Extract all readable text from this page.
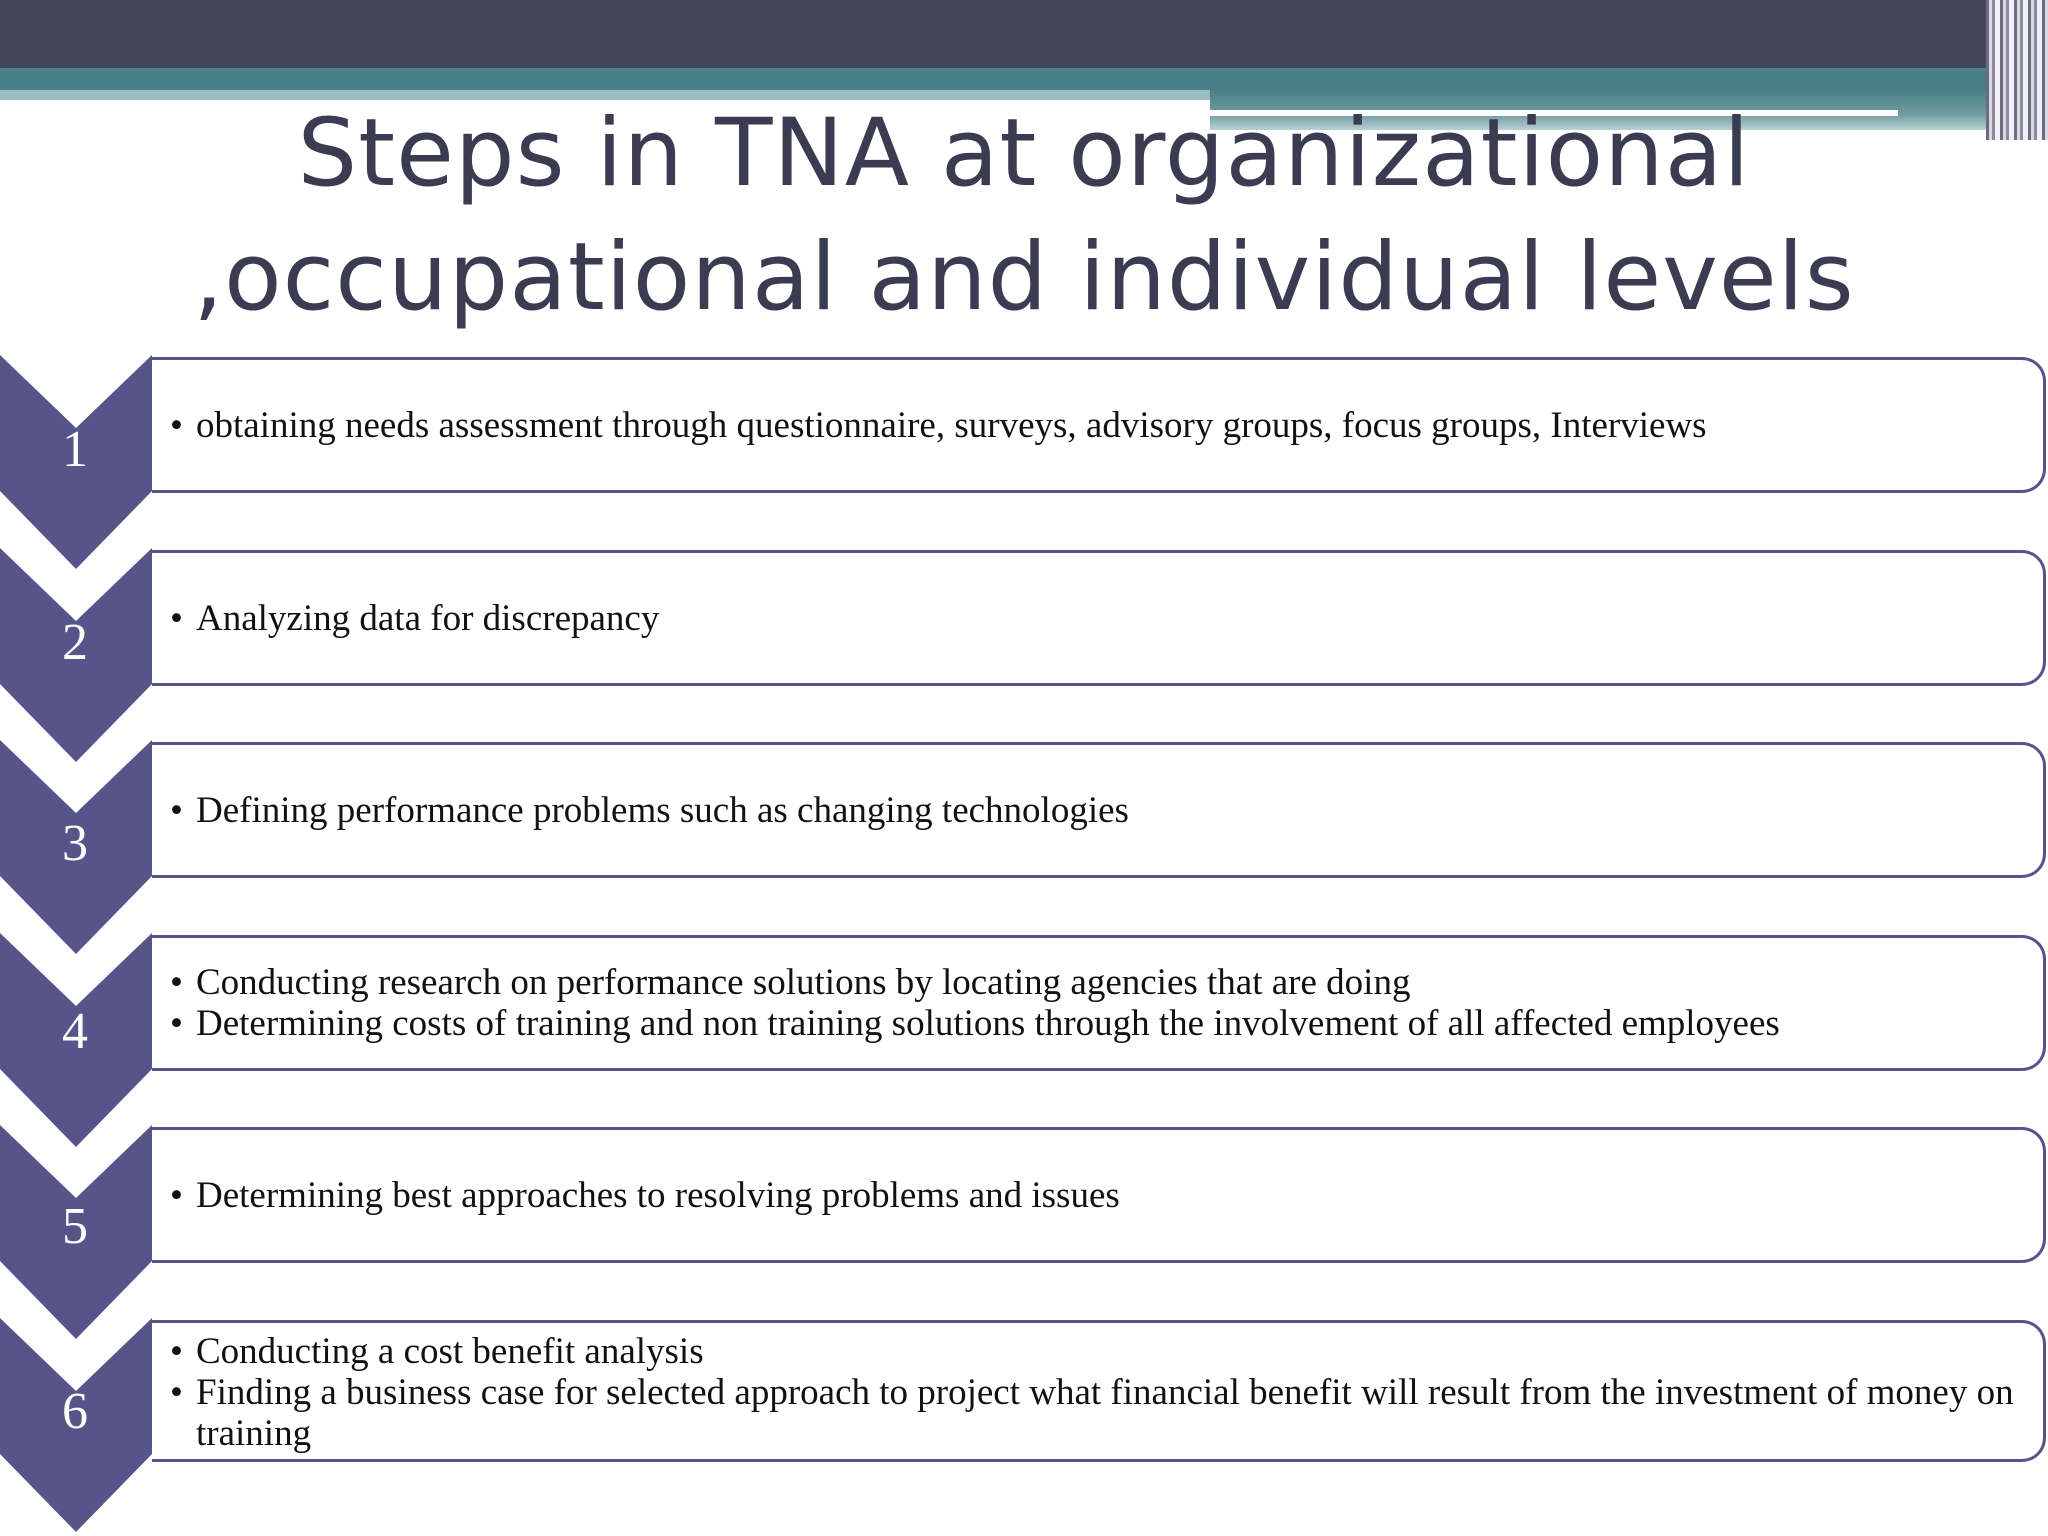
Steps in TNA at organizational
,occupational and individual levels
1
2
3
4
5
6
• obtaining needs assessment through questionnaire, surveys, advisory groups, focus groups, Interviews
• Analyzing data for discrepancy
• Defining performance problems such as changing technologies
• Conducting research on performance solutions by locating agencies that are doing
• Determining costs of training and non training solutions through the involvement of all affected employees
• Determining best approaches to resolving problems and issues
• Conducting a cost benefit analysis
• Finding a business case for selected approach to project what financial benefit will result from the investment of money on training
